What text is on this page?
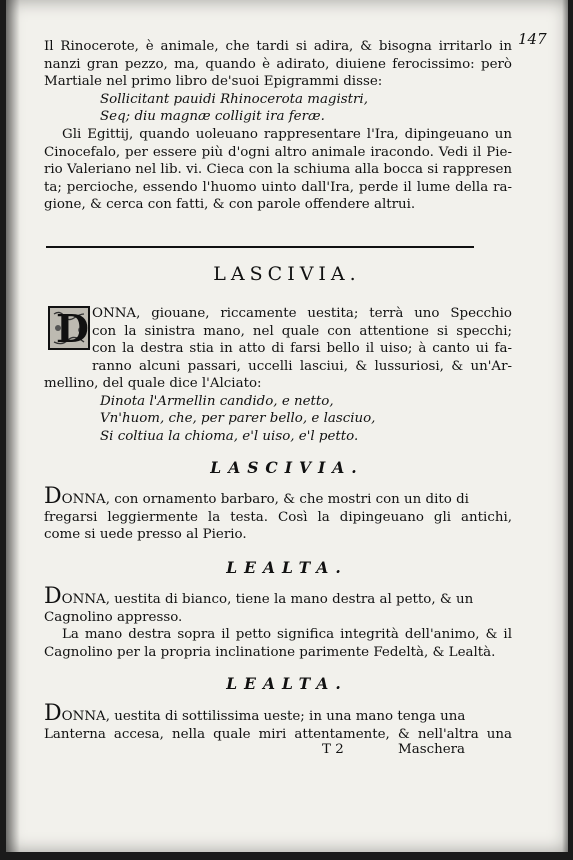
147
Il Rinocerote, è animale, che tardi si adira, & bisogna irritarlo in
nanzi gran pezzo, ma, quando è adirato, diuiene ferocissimo: però
Martiale nel primo libro de'suoi Epigrammi disse:
Sollicitant pauidi Rhinocerota magistri,
Seq; diu magnæ colligit ira feræ.
Gli Egittij, quando uoleuano rappresentare l'Ira, dipingeuano un
Cinocefalo, per essere più d'ogni altro animale iracondo. Vedi il Pie-
rio Valeriano nel lib. vi. Cieca con la schiuma alla bocca si rappresen
ta; percioche, essendo l'huomo uinto dall'Ira, perde il lume della ra-
gione, & cerca con fatti, & con parole offendere altrui.
LASCIVIA.
D ONNA, giouane, riccamente uestita; terrà uno Specchio
con la sinistra mano, nel quale con attentione si specchi;
con la destra stia in atto di farsi bello il uiso; à canto ui fa-
ranno alcuni passari, uccelli lasciui, & lussuriosi, & un'Ar-
mellino, del quale dice l'Alciato:
Dinota l'Armellin candido, e netto,
Vn'huom, che, per parer bello, e lasciuo,
Si coltiua la chioma, e'l uiso, e'l petto.
LASCIVIA.
DONNA, con ornamento barbaro, & che mostri con un dito di
fregarsi leggiermente la testa. Così la dipingeuano gli antichi,
come si uede presso al Pierio.
LEALTA.
DONNA, uestita di bianco, tiene la mano destra al petto, & un
Cagnolino appresso.
La mano destra sopra il petto significa integrità dell'animo, & il
Cagnolino per la propria inclinatione parimente Fedeltà, & Lealtà.
LEALTA.
DONNA, uestita di sottilissima ueste; in una mano tenga una
Lanterna accesa, nella quale miri attentamente, & nell'altra una
T 2	Maschera
